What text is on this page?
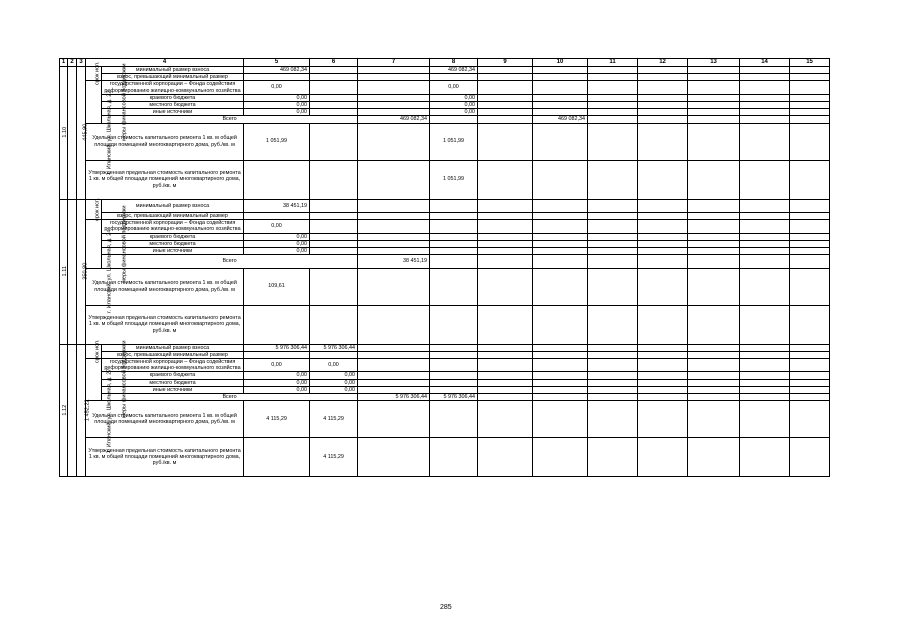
1	2	3	4		5	6	7	8	9	10	11	12	13	14	15	
1.10	г. Иланский, ул. Школьная, д. 22	445,90	срок исп.	минимальный размер взноса	469 082,34			469 082,34								
				взнос, превышающий минимальный размер												
			меры финансовой поддержки	государственной корпорации – Фонда содействия реформированию жилищно-коммунального хозяйства	0,00			0,00								
				краевого бюджета	0,00			0,00								
				местного бюджета	0,00			0,00								
				иные источники	0,00			0,00								
				Всего			469 082,34			469 082,34								
			Удельная стоимость капитального ремонта 1 кв. м общей площади помещений многоквартирного дома, руб./кв. м		1 051,99			1 051,99								
			Утвержденная предельная стоимость капитального ремонта 1 кв. м общей площади помещений многоквартирного дома, руб./кв. м					1 051,99								
1.11	г. Иланский, ул. Школьная, д. 24	350,80	срок исп.	минимальный размер взноса	38 451,19											
				взнос, превышающий минимальный размер												
			меры финансовой поддержки	государственной корпорации – Фонда содействия реформированию жилищно-коммунального хозяйства	0,00											
				краевого бюджета	0,00											
				местного бюджета	0,00											
				иные источники	0,00											
				Всего			38 451,19											
			Удельная стоимость капитального ремонта 1 кв. м общей площади помещений многоквартирного дома, руб./кв. м		109,61											
			Утвержденная предельная стоимость капитального ремонта 1 кв. м общей площади помещений многоквартирного дома, руб./кв. м												
1.12	г. Иланский, ул. Школьная, д. 27	1 452,22	срок исп.	минимальный размер взноса	5 976 306,44	5 976 306,44										
				взнос, превышающий минимальный размер												
			меры финансовой поддержки	государственной корпорации – Фонда содействия реформированию жилищно-коммунального хозяйства	0,00	0,00										
				краевого бюджета	0,00	0,00										
				местного бюджета	0,00	0,00										
				иные источники	0,00	0,00										
				Всего			5 976 306,44	5 976 306,44										
			Удельная стоимость капитального ремонта 1 кв. м общей площади помещений многоквартирного дома, руб./кв. м		4 115,29	4 115,29										
			Утвержденная предельная стоимость капитального ремонта 1 кв. м общей площади помещений многоквартирного дома, руб./кв. м			4 115,29										
285
